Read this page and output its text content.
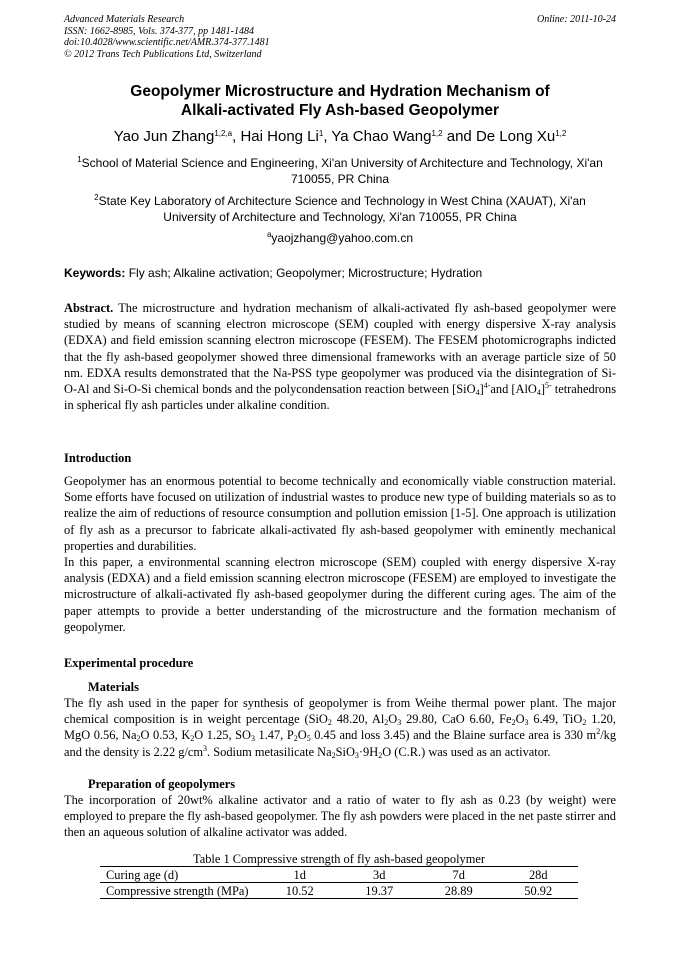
Advanced Materials Research
ISSN: 1662-8985, Vols. 374-377, pp 1481-1484
doi:10.4028/www.scientific.net/AMR.374-377.1481
© 2012 Trans Tech Publications Ltd, Switzerland
Online: 2011-10-24
Geopolymer Microstructure and Hydration Mechanism of
Alkali-activated Fly Ash-based Geopolymer
Yao Jun Zhang$^{1,2,a}$, Hai Hong Li$^1$, Ya Chao Wang$^{1,2}$ and De Long Xu$^{1,2}$
$^1$School of Material Science and Engineering, Xi'an University of Architecture and Technology, Xi'an
710055, PR China
$^2$State Key Laboratory of Architecture Science and Technology in West China (XAUAT), Xi'an
University of Architecture and Technology, Xi'an 710055, PR China
$^a$yaojzhang@yahoo.com.cn
Keywords: Fly ash; Alkaline activation; Geopolymer; Microstructure; Hydration

Abstract. The microstructure and hydration mechanism of alkali-activated fly ash-based geopolymer were studied by means of scanning electron microscope (SEM) coupled with energy dispersive X-ray analysis (EDXA) and field emission scanning electron microscope (FESEM). The FESEM photomicrographs indicted that the fly ash-based geopolymer showed three dimensional frameworks with an average particle size of 50 nm. EDXA results demonstrated that the Na-PSS type geopolymer was produced via the disintegration of Si-O-Al and Si-O-Si chemical bonds and the polycondensation reaction between $[SiO_4]^{4-}and$ $[AlO_4]^{5-}$ tetrahedrons in spherical fly ash particles under alkaline condition.

Introduction

Geopolymer has an enormous potential to become technically and economically viable construction material. Some efforts have focused on utilization of industrial wastes to produce new type of building materials so as to realize the aim of reductions of resource consumption and pollution emission [1-5]. One approach is utilization of fly ash as a precursor to fabricate alkali-activated fly ash-based geopolymer with eminently mechanical properties and durabilities.

In this paper, a environmental scanning electron microscope (SEM) coupled with energy dispersive X-ray analysis (EDXA) and a field emission scanning electron microscope (FESEM) are employed to investigate the microstructure of alkali-activated fly ash-based geopolymer during the different curing ages. The aim of the paper attempts to provide a better understanding of the microstructure and the formation mechanism of geopolymer.

Experimental procedure
Materials

The fly ash used in the paper for synthesis of geopolymer is from Weihe thermal power plant. The major chemical composition is in weight percentage (SiO$_2$ 48.20, $Al_2O_3$ 29.80, CaO 6.60, $Fe_2O_3$ 6.49, TiO$_2$ 1.20, MgO 0.56, $Na_2O$ 0.53, $K_2O$ 1.25, $SO_3$ 1.47, $P_2O_5$ 0.45 and loss 3.45) and the Blaine surface area is 330 $m^2/kg$ and the density is 2.22 $g/cm^3$. Sodium metasilicate $Na_2SiO_3\cdot 9H_2O$ (C.R.) was used as an activator.

Preparation of geopolymers

The incorporation of 20wt% alkaline activator and a ratio of water to fly ash as 0.23 (by weight) were employed to prepare the fly ash-based geopolymer. The fly ash powders were placed in the net paste stirrer and then an aqueous solution of alkaline activator was added.

Table 1 Compressive strength of fly ash-based geopolymer
Curing age (d)	1d	3d	7d	28d
Compressive strength (MPa)	10.52	19.37	28.89	50.92
